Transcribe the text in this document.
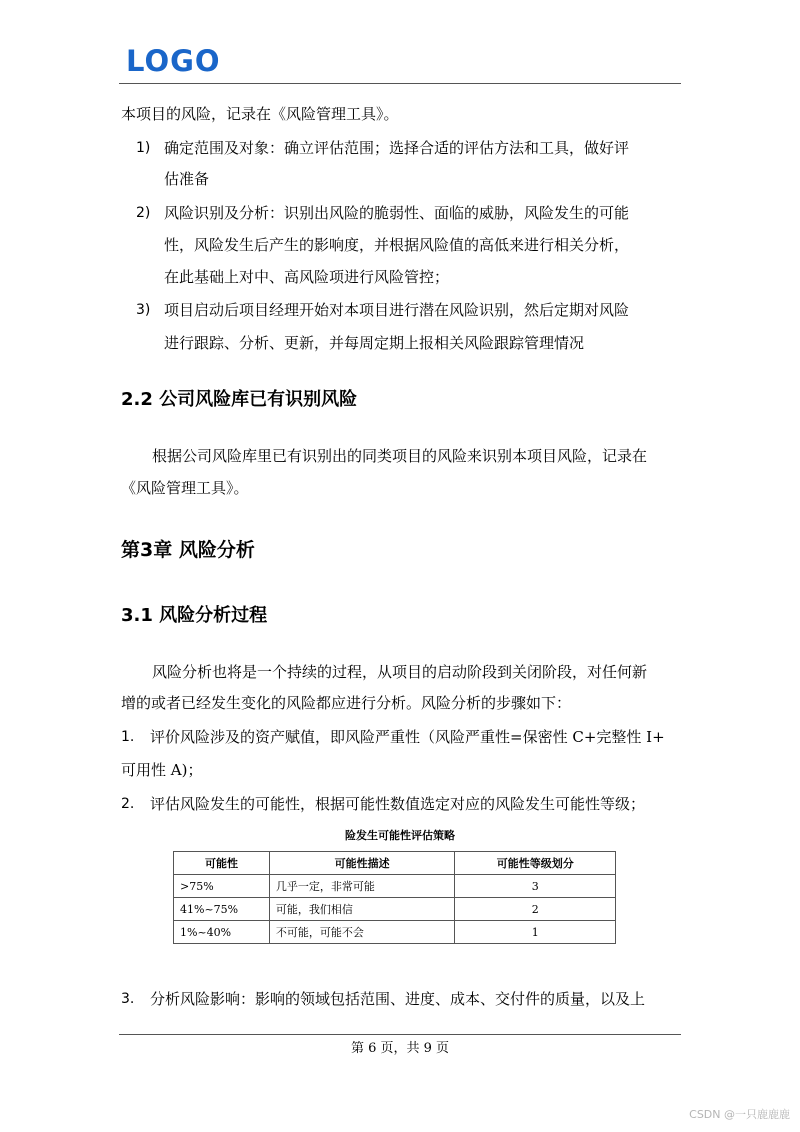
LOGO
本项目的风险，记录在《风险管理工具》。
1) 确定范围及对象：确立评估范围；选择合适的评估方法和工具，做好评
估准备
2) 风险识别及分析：识别出风险的脆弱性、面临的威胁，风险发生的可能
性，风险发生后产生的影响度，并根据风险值的高低来进行相关分析，
在此基础上对中、高风险项进行风险管控；
3) 项目启动后项目经理开始对本项目进行潜在风险识别，然后定期对风险
进行跟踪、分析、更新，并每周定期上报相关风险跟踪管理情况
2.2 公司风险库已有识别风险
根据公司风险库里已有识别出的同类项目的风险来识别本项目风险，记录在
《风险管理工具》。
第3章 风险分析
3.1 风险分析过程
风险分析也将是一个持续的过程，从项目的启动阶段到关闭阶段，对任何新
增的或者已经发生变化的风险都应进行分析。风险分析的步骤如下：
1. 评价风险涉及的资产赋值，即风险严重性（风险严重性=保密性 C+完整性 I+
可用性 A)；
2. 评估风险发生的可能性，根据可能性数值选定对应的风险发生可能性等级；
险发生可能性评估策略
可能性	可能性描述	可能性等级划分
>75%	几乎一定，非常可能	3
41%~75%	可能，我们相信	2
1%~40%	不可能，可能不会	1
3. 分析风险影响：影响的领域包括范围、进度、成本、交付件的质量，以及上
第 6 页，共 9 页
CSDN @一只鹿鹿鹿
